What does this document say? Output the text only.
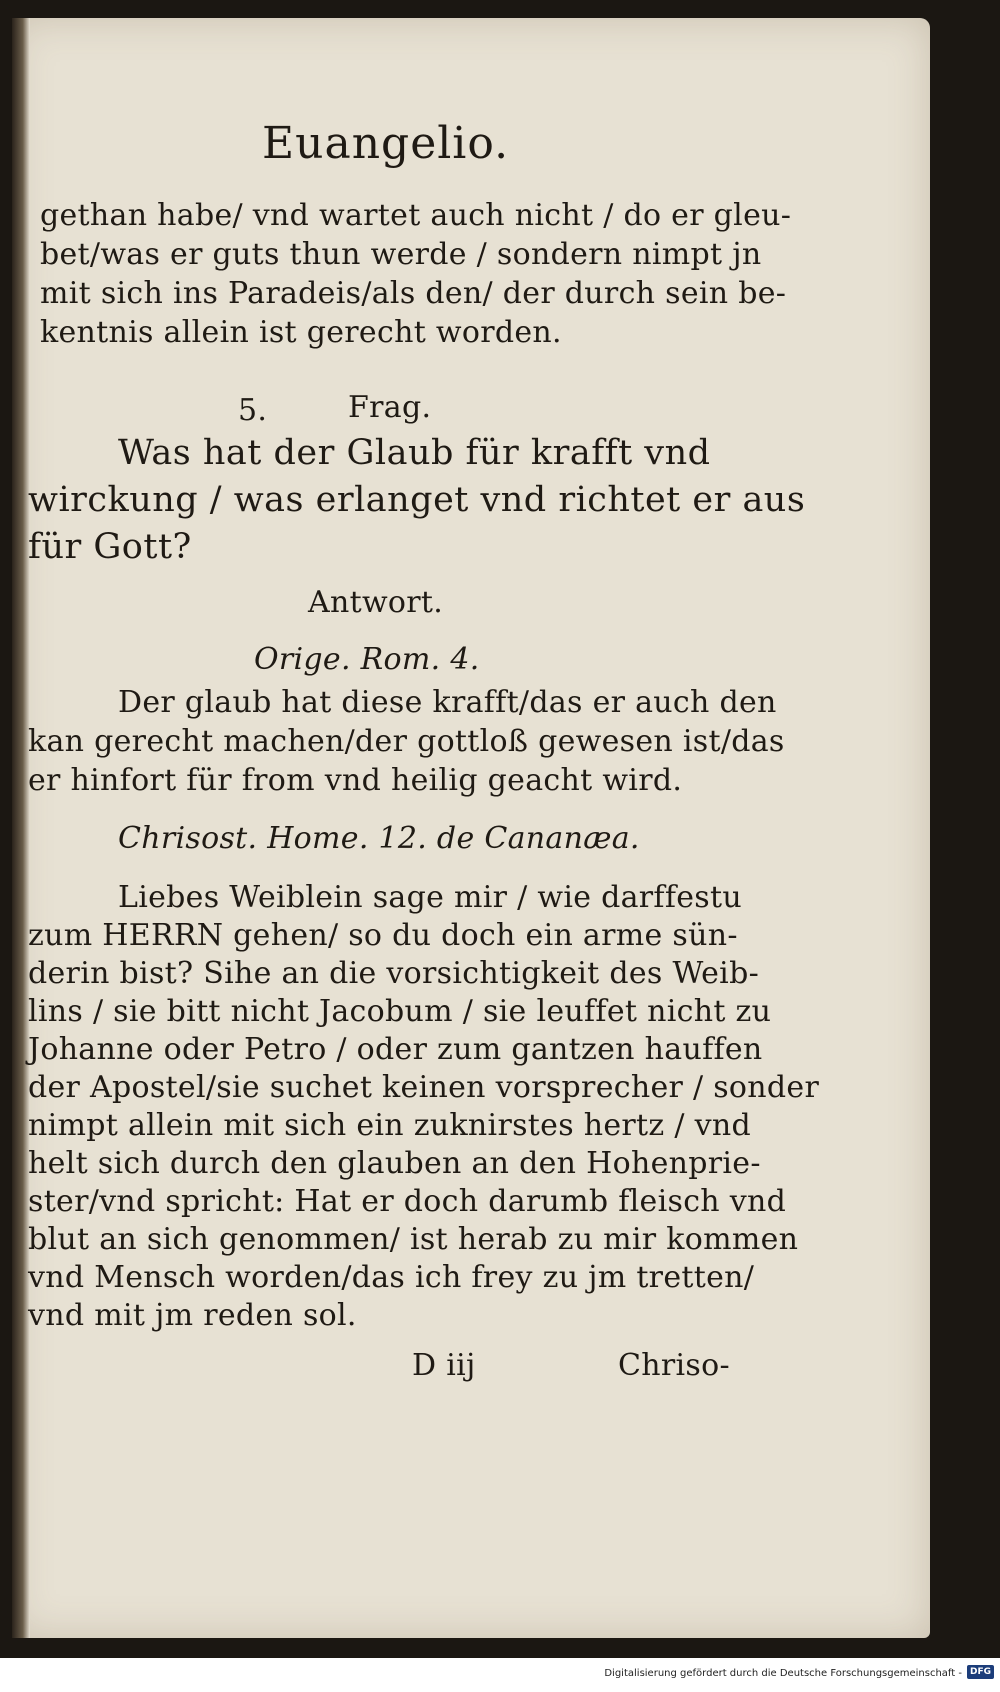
Euangelio.
gethan habe/ vnd wartet auch nicht / do er gleu-
bet/was er guts thun werde / sondern nimpt jn
mit sich ins Paradeis/als den/ der durch sein be-
kentnis allein ist gerecht worden.
5.	Frag.
Was hat der Glaub für krafft vnd
wirckung / was erlanget vnd richtet er aus
für Gott?
Antwort.
Orige. Rom. 4.
Der glaub hat diese krafft/das er auch den
kan gerecht machen/der gottloß gewesen ist/das
er hinfort für from vnd heilig geacht wird.
Chrisost. Home. 12. de Cananæa.
Liebes Weiblein sage mir / wie darffestu
zum HERRN gehen/ so du doch ein arme sün-
derin bist? Sihe an die vorsichtigkeit des Weib-
lins / sie bitt nicht Jacobum / sie leuffet nicht zu
Johanne oder Petro / oder zum gantzen hauffen
der Apostel/sie suchet keinen vorsprecher / sonder
nimpt allein mit sich ein zuknirstes hertz / vnd
helt sich durch den glauben an den Hohenprie-
ster/vnd spricht: Hat er doch darumb fleisch vnd
blut an sich genommen/ ist herab zu mir kommen
vnd Mensch worden/das ich frey zu jm tretten/
vnd mit jm reden sol.
D iij	Chriso-
Digitalisierung gefördert durch die Deutsche Forschungsgemeinschaft - DFG
